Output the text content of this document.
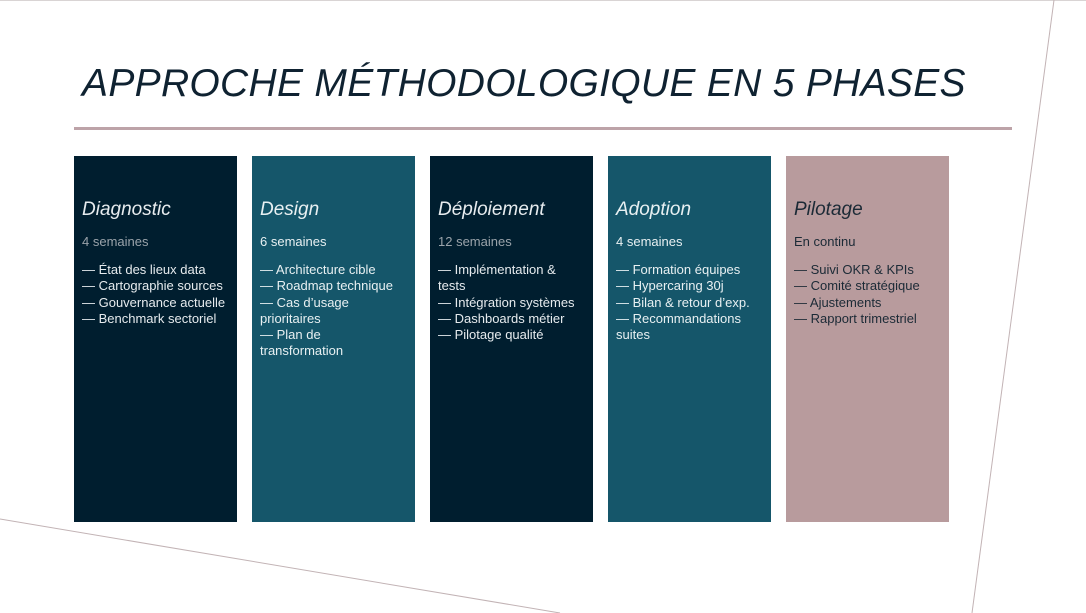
APPROCHE MÉTHODOLOGIQUE EN 5 PHASES
Diagnostic
4 semaines
— État des lieux data
— Cartographie sources
— Gouvernance actuelle
— Benchmark sectoriel
Design
6 semaines
— Architecture cible
— Roadmap technique
— Cas d’usage prioritaires
— Plan de transformation
Déploiement
12 semaines
— Implémentation & tests
— Intégration systèmes
— Dashboards métier
— Pilotage qualité
Adoption
4 semaines
— Formation équipes
— Hypercaring 30j
— Bilan & retour d’exp.
— Recommandations suites
Pilotage
En continu
— Suivi OKR & KPIs
— Comité stratégique
— Ajustements
— Rapport trimestriel
